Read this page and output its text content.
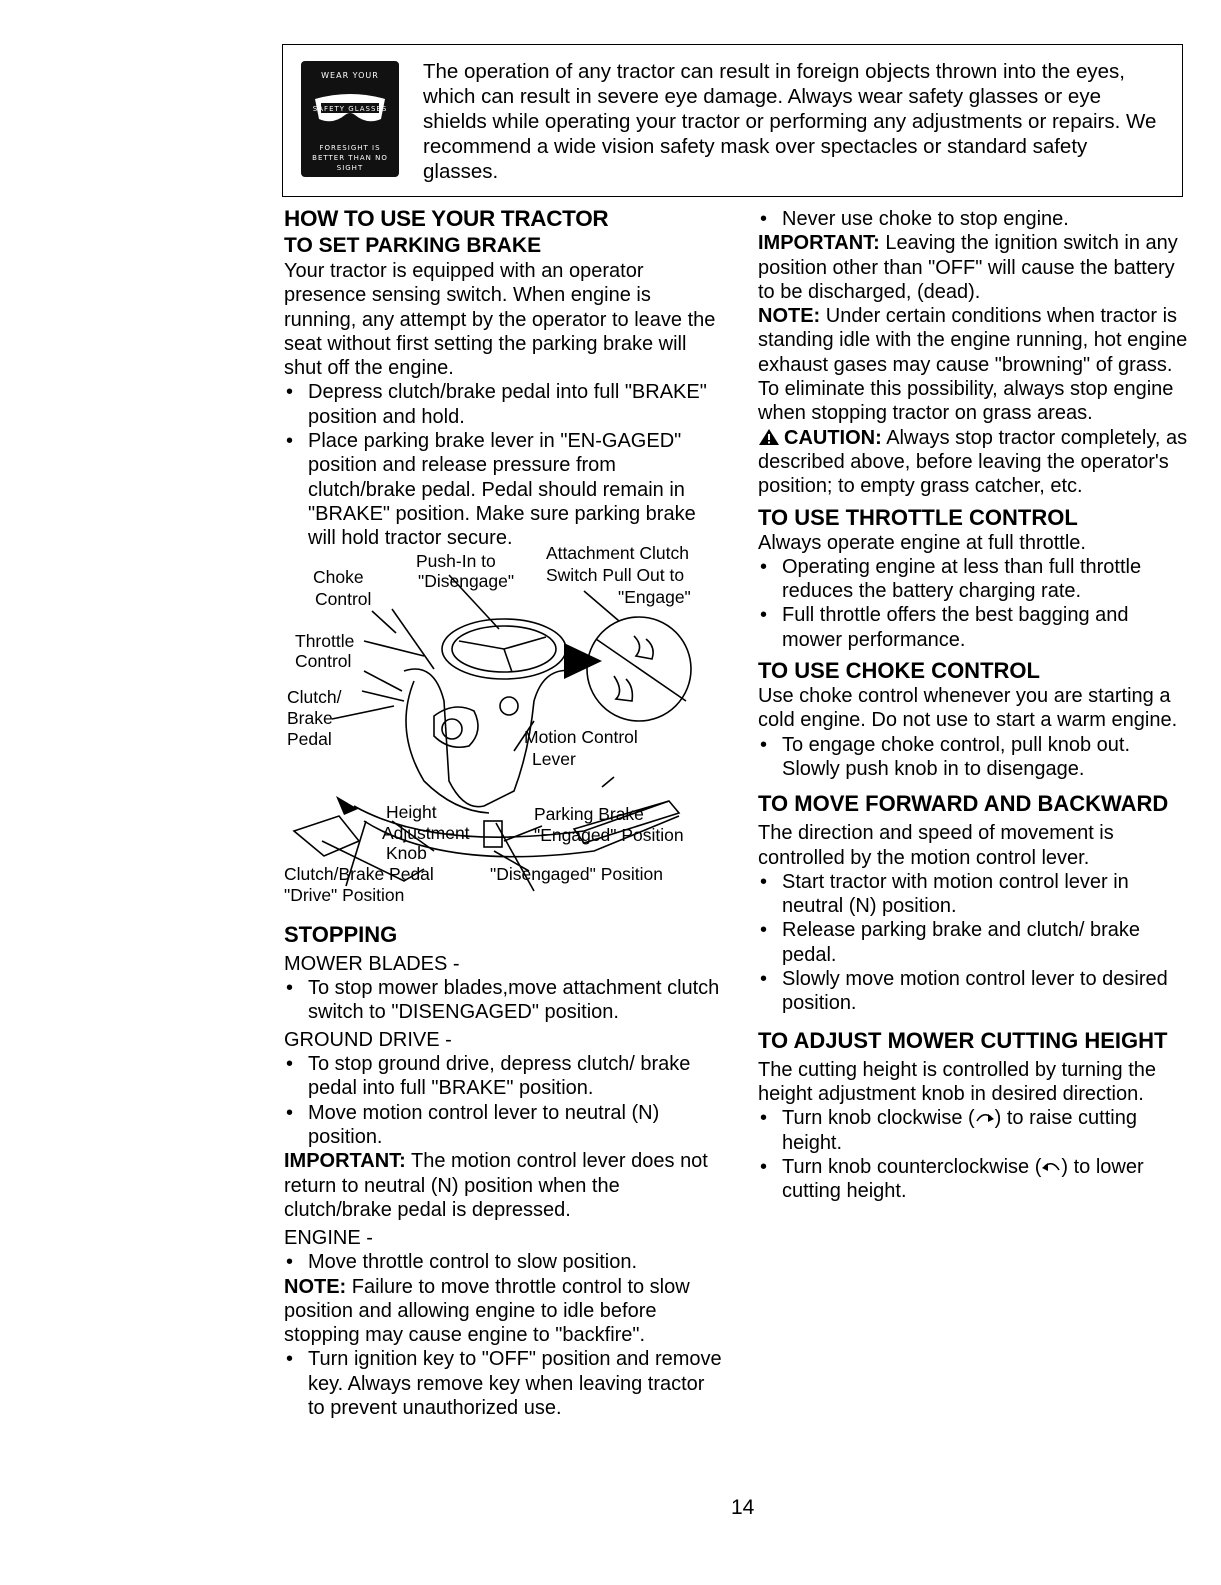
WEAR YOUR
SAFETY GLASSES
FORESIGHT IS BETTER THAN NO SIGHT
The operation of any tractor can result in foreign objects thrown into the eyes, which can result in severe eye damage. Always wear safety glasses or eye shields while operating your tractor or performing any adjustments or repairs. We recommend a wide vision safety mask over spectacles or standard safety glasses.
HOW TO USE YOUR TRACTOR
TO SET PARKING BRAKE

Your tractor is equipped with an operator presence sensing switch. When engine is running, any attempt by the operator to leave the seat without first setting the parking brake will shut off the engine.

• Depress clutch/brake pedal into full "BRAKE" position and hold.
• Place parking brake lever in "EN-GAGED" position and release pressure from clutch/brake pedal. Pedal should remain in "BRAKE" position. Make sure parking brake will hold tractor secure.
Push-In to
"Disengage"
Attachment Clutch
Switch Pull Out to
"Engage"
Choke
Control
Throttle
Control
Clutch/
Brake
Pedal	Motion Control
Lever
Height
Adjustment
Knob
Parking Brake
"Engaged" Position
Clutch/Brake Pedal
"Drive" Position
"Disengaged" Position
STOPPING
MOWER BLADES -
• To stop mower blades,move attachment clutch switch to "DISENGAGED" position.
GROUND DRIVE -
• To stop ground drive, depress clutch/ brake pedal into full "BRAKE" position.
• Move motion control lever to neutral (N) position.

IMPORTANT: The motion control lever does not return to neutral (N) position when the clutch/brake pedal is depressed.

ENGINE -
• Move throttle control to slow position.

NOTE: Failure to move throttle control to slow position and allowing engine to idle before stopping may cause engine to "backfire".

• Turn ignition key to "OFF" position and remove key. Always remove key when leaving tractor to prevent unauthorized use.
• Never use choke to stop engine.

IMPORTANT: Leaving the ignition switch in any position other than "OFF" will cause the battery to be discharged, (dead).

NOTE: Under certain conditions when tractor is standing idle with the engine running, hot engine exhaust gases may cause "browning" of grass. To eliminate this possibility, always stop engine when stopping tractor on grass areas.

CAUTION: Always stop tractor completely, as described above, before leaving the operator's position; to empty grass catcher, etc.

TO USE THROTTLE CONTROL

Always operate engine at full throttle.

• Operating engine at less than full throttle reduces the battery charging rate.
• Full throttle offers the best bagging and mower performance.
TO USE CHOKE CONTROL

Use choke control whenever you are starting a cold engine. Do not use to start a warm engine.

• To engage choke control, pull knob out. Slowly push knob in to disengage.
TO MOVE FORWARD AND BACKWARD

The direction and speed of movement is controlled by the motion control lever.

• Start tractor with motion control lever in neutral (N) position.
• Release parking brake and clutch/ brake pedal.
• Slowly move motion control lever to desired position.
TO ADJUST MOWER CUTTING HEIGHT

The cutting height is controlled by turning the height adjustment knob in desired direction.

• Turn knob clockwise ( ) to raise cutting height.
• Turn knob counterclockwise ( ) to lower cutting height.
14
